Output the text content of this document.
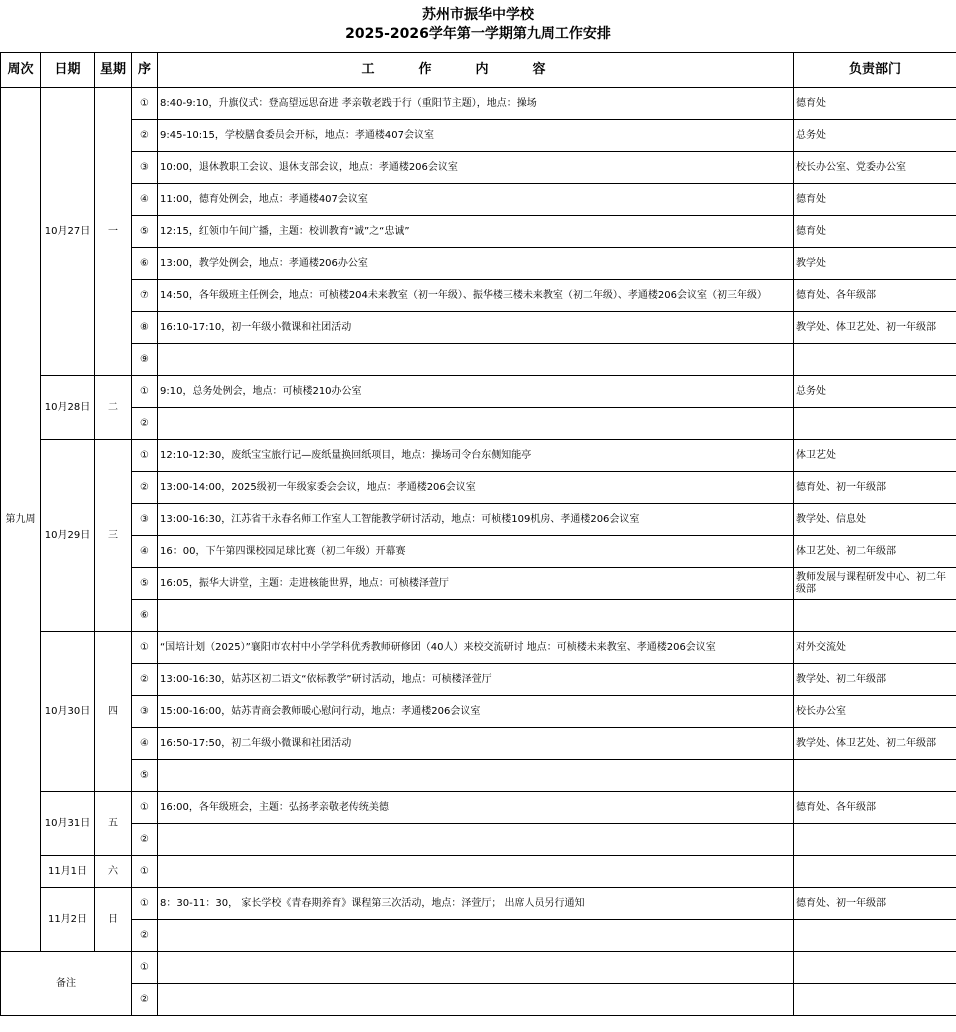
苏州市振华中学校
2025-2026学年第一学期第九周工作安排
周次	日期	星期	序	工作内容	负责部门
第九周	10月27日	一	①	8:40-9:10，升旗仪式：登高望远思奋进 孝亲敬老践于行（重阳节主题），地点：操场	德育处
			②	9:45-10:15，学校膳食委员会开标，地点：孝通楼407会议室	总务处
			③	10:00，退休教职工会议、退休支部会议，地点：孝通楼206会议室	校长办公室、党委办公室
			④	11:00，德育处例会，地点：孝通楼407会议室	德育处
			⑤	12:15，红领巾午间广播，主题：校训教育“诚”之“忠诚”	德育处
			⑥	13:00，教学处例会，地点：孝通楼206办公室	教学处
			⑦	14:50，各年级班主任例会，地点：可桢楼204未来教室（初一年级）、振华楼三楼未来教室（初二年级）、孝通楼206会议室（初三年级）	德育处、各年级部
			⑧	16:10-17:10，初一年级小微课和社团活动	教学处、体卫艺处、初一年级部
			⑨		
	10月28日	二	①	9:10，总务处例会，地点：可桢楼210办公室	总务处
			②		
	10月29日	三	①	12:10-12:30，废纸宝宝旅行记—废纸量换回纸项目，地点：操场司令台东侧知能亭	体卫艺处
			②	13:00-14:00，2025级初一年级家委会会议，地点：孝通楼206会议室	德育处、初一年级部
			③	13:00-16:30，江苏省干永春名师工作室人工智能教学研讨活动，地点：可桢楼109机房、孝通楼206会议室	教学处、信息处
			④	16：00，下午第四课校园足球比赛（初二年级）开幕赛	体卫艺处、初二年级部
			⑤	16:05，振华大讲堂，主题：走进核能世界，地点：可桢楼泽萱厅	教师发展与课程研发中心、初二年级部
			⑥		
	10月30日	四	①	“国培计划（2025）”襄阳市农村中小学学科优秀教师研修团（40人）来校交流研讨 地点：可桢楼未来教室、孝通楼206会议室	对外交流处
			②	13:00-16:30，姑苏区初二语文“依标教学”研讨活动，地点：可桢楼泽萱厅	教学处、初二年级部
			③	15:00-16:00，姑苏青商会教师暖心慰问行动，地点：孝通楼206会议室	校长办公室
			④	16:50-17:50，初二年级小微课和社团活动	教学处、体卫艺处、初二年级部
			⑤		
	10月31日	五	①	16:00，各年级班会，主题：弘扬孝亲敬老传统美德	德育处、各年级部
			②		
	11月1日	六	①		
	11月2日	日	①	8：30-11：30， 家长学校《青春期养育》课程第三次活动，地点：泽萱厅； 出席人员另行通知	德育处、初一年级部
			②		
备注			①		
			②		
